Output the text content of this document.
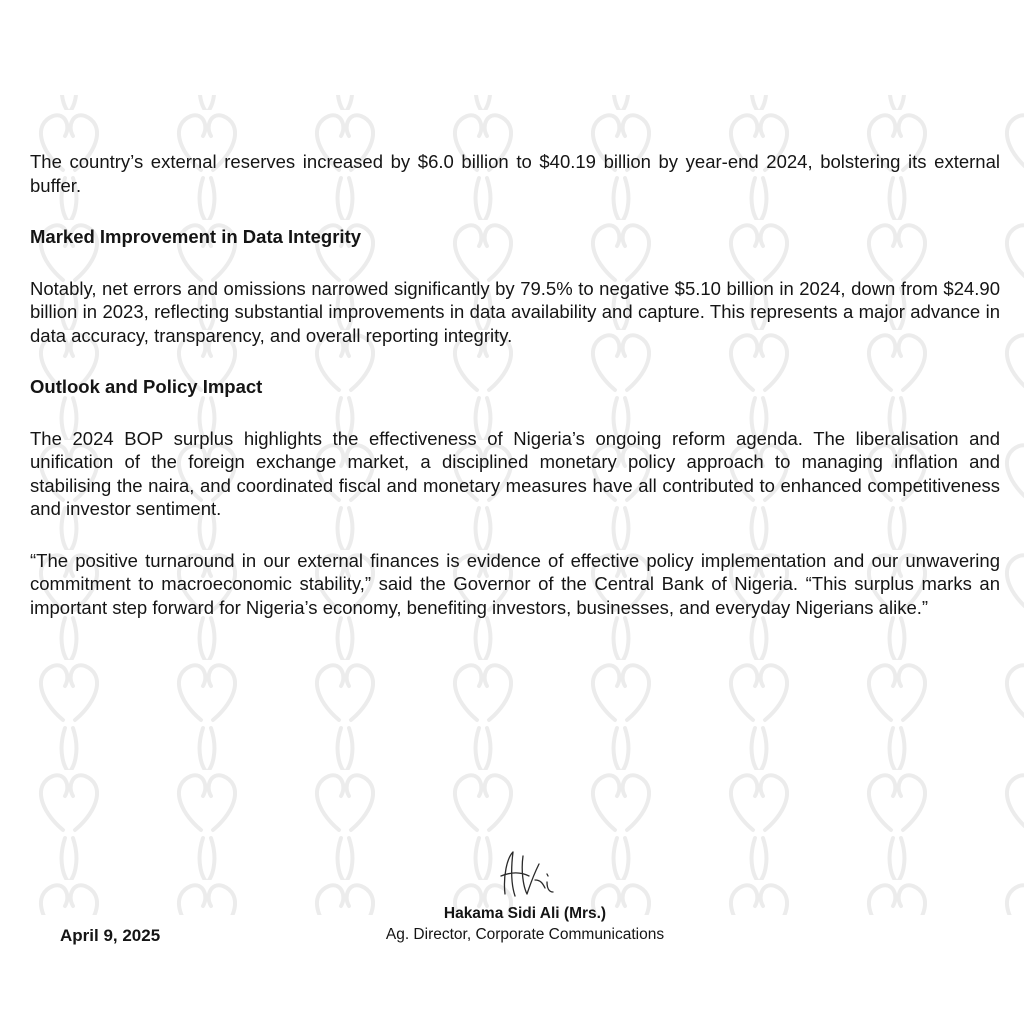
The country’s external reserves increased by $6.0 billion to $40.19 billion by year-end 2024, bolstering its external buffer.

Marked Improvement in Data Integrity

Notably, net errors and omissions narrowed significantly by 79.5% to negative $5.10 billion in 2024, down from $24.90 billion in 2023, reflecting substantial improvements in data availability and capture. This represents a major advance in data accuracy, transparency, and overall reporting integrity.

Outlook and Policy Impact

The 2024 BOP surplus highlights the effectiveness of Nigeria’s ongoing reform agenda. The liberalisation and unification of the foreign exchange market, a disciplined monetary policy approach to managing inflation and stabilising the naira, and coordinated fiscal and monetary measures have all contributed to enhanced competitiveness and investor sentiment.

“The positive turnaround in our external finances is evidence of effective policy implementation and our unwavering commitment to macroeconomic stability,” said the Governor of the Central Bank of Nigeria. “This surplus marks an important step forward for Nigeria’s economy, benefiting investors, businesses, and everyday Nigerians alike.”

April 9, 2025
Hakama Sidi Ali (Mrs.)
Ag. Director, Corporate Communications
